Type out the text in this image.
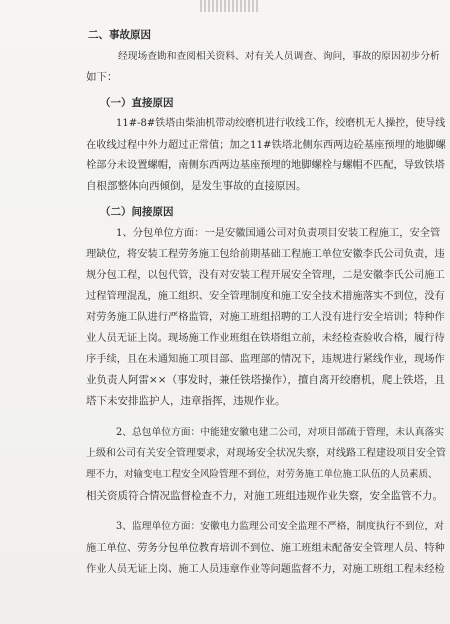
二、事故原因
经现场查勘和查阅相关资料、对有关人员调查、询问，事故的原因初步分析
如下：
（一）直接原因
11#-8#铁塔由柴油机带动绞磨机进行收线工作，绞磨机无人操控，使导线
在收线过程中外力超过正常值；加之11#铁塔北侧东西两边砼基座预埋的地脚螺
栓部分未设置螺帽，南侧东西两边基座预埋的地脚螺栓与螺帽不匹配，导致铁塔
自根部整体向西倾倒，是发生事故的直接原因。
（二）间接原因
1、分包单位方面：一是安徽国通公司对负责项目安装工程施工，安全管
理缺位，将安装工程劳务施工包给前期基础工程施工单位安徽李氏公司负责，违
规分包工程，以包代管，没有对安装工程开展安全管理，二是安徽李氏公司施工
过程管理混乱，施工组织、安全管理制度和施工安全技术措施落实不到位，没有
对劳务施工队进行严格监管，对施工班组招聘的工人没有进行安全培训；特种作
业人员无证上岗。现场施工作业班组在铁塔组立前，未经检查验收合格，履行待
序手续，且在未通知施工项目部、监理部的情况下，违规进行紧线作业，现场作
业负责人阿雷××（事发时，兼任铁塔操作），擅自离开绞磨机，爬上铁塔，且
塔下未安排监护人，违章指挥，违规作业。
2、总包单位方面：中能建安徽电建二公司，对项目部疏于管理，未认真落实
上级和公司有关安全管理要求，对现场安全状况失察，对线路工程建设项目安全管
理不力，对输变电工程安全风险管理不到位，对劳务施工单位施工队伍的人员素质、
相关资质符合情况监督检查不力，对施工班组违规作业失察，安全监管不力。
3、监理单位方面：安徽电力监理公司安全监理不严格，制度执行不到位，对
施工单位、劳务分包单位教育培训不到位、施工班组未配备安全管理人员、特种
作业人员无证上岗、施工人员违章作业等问题监督不力，对施工班组工程未经检
